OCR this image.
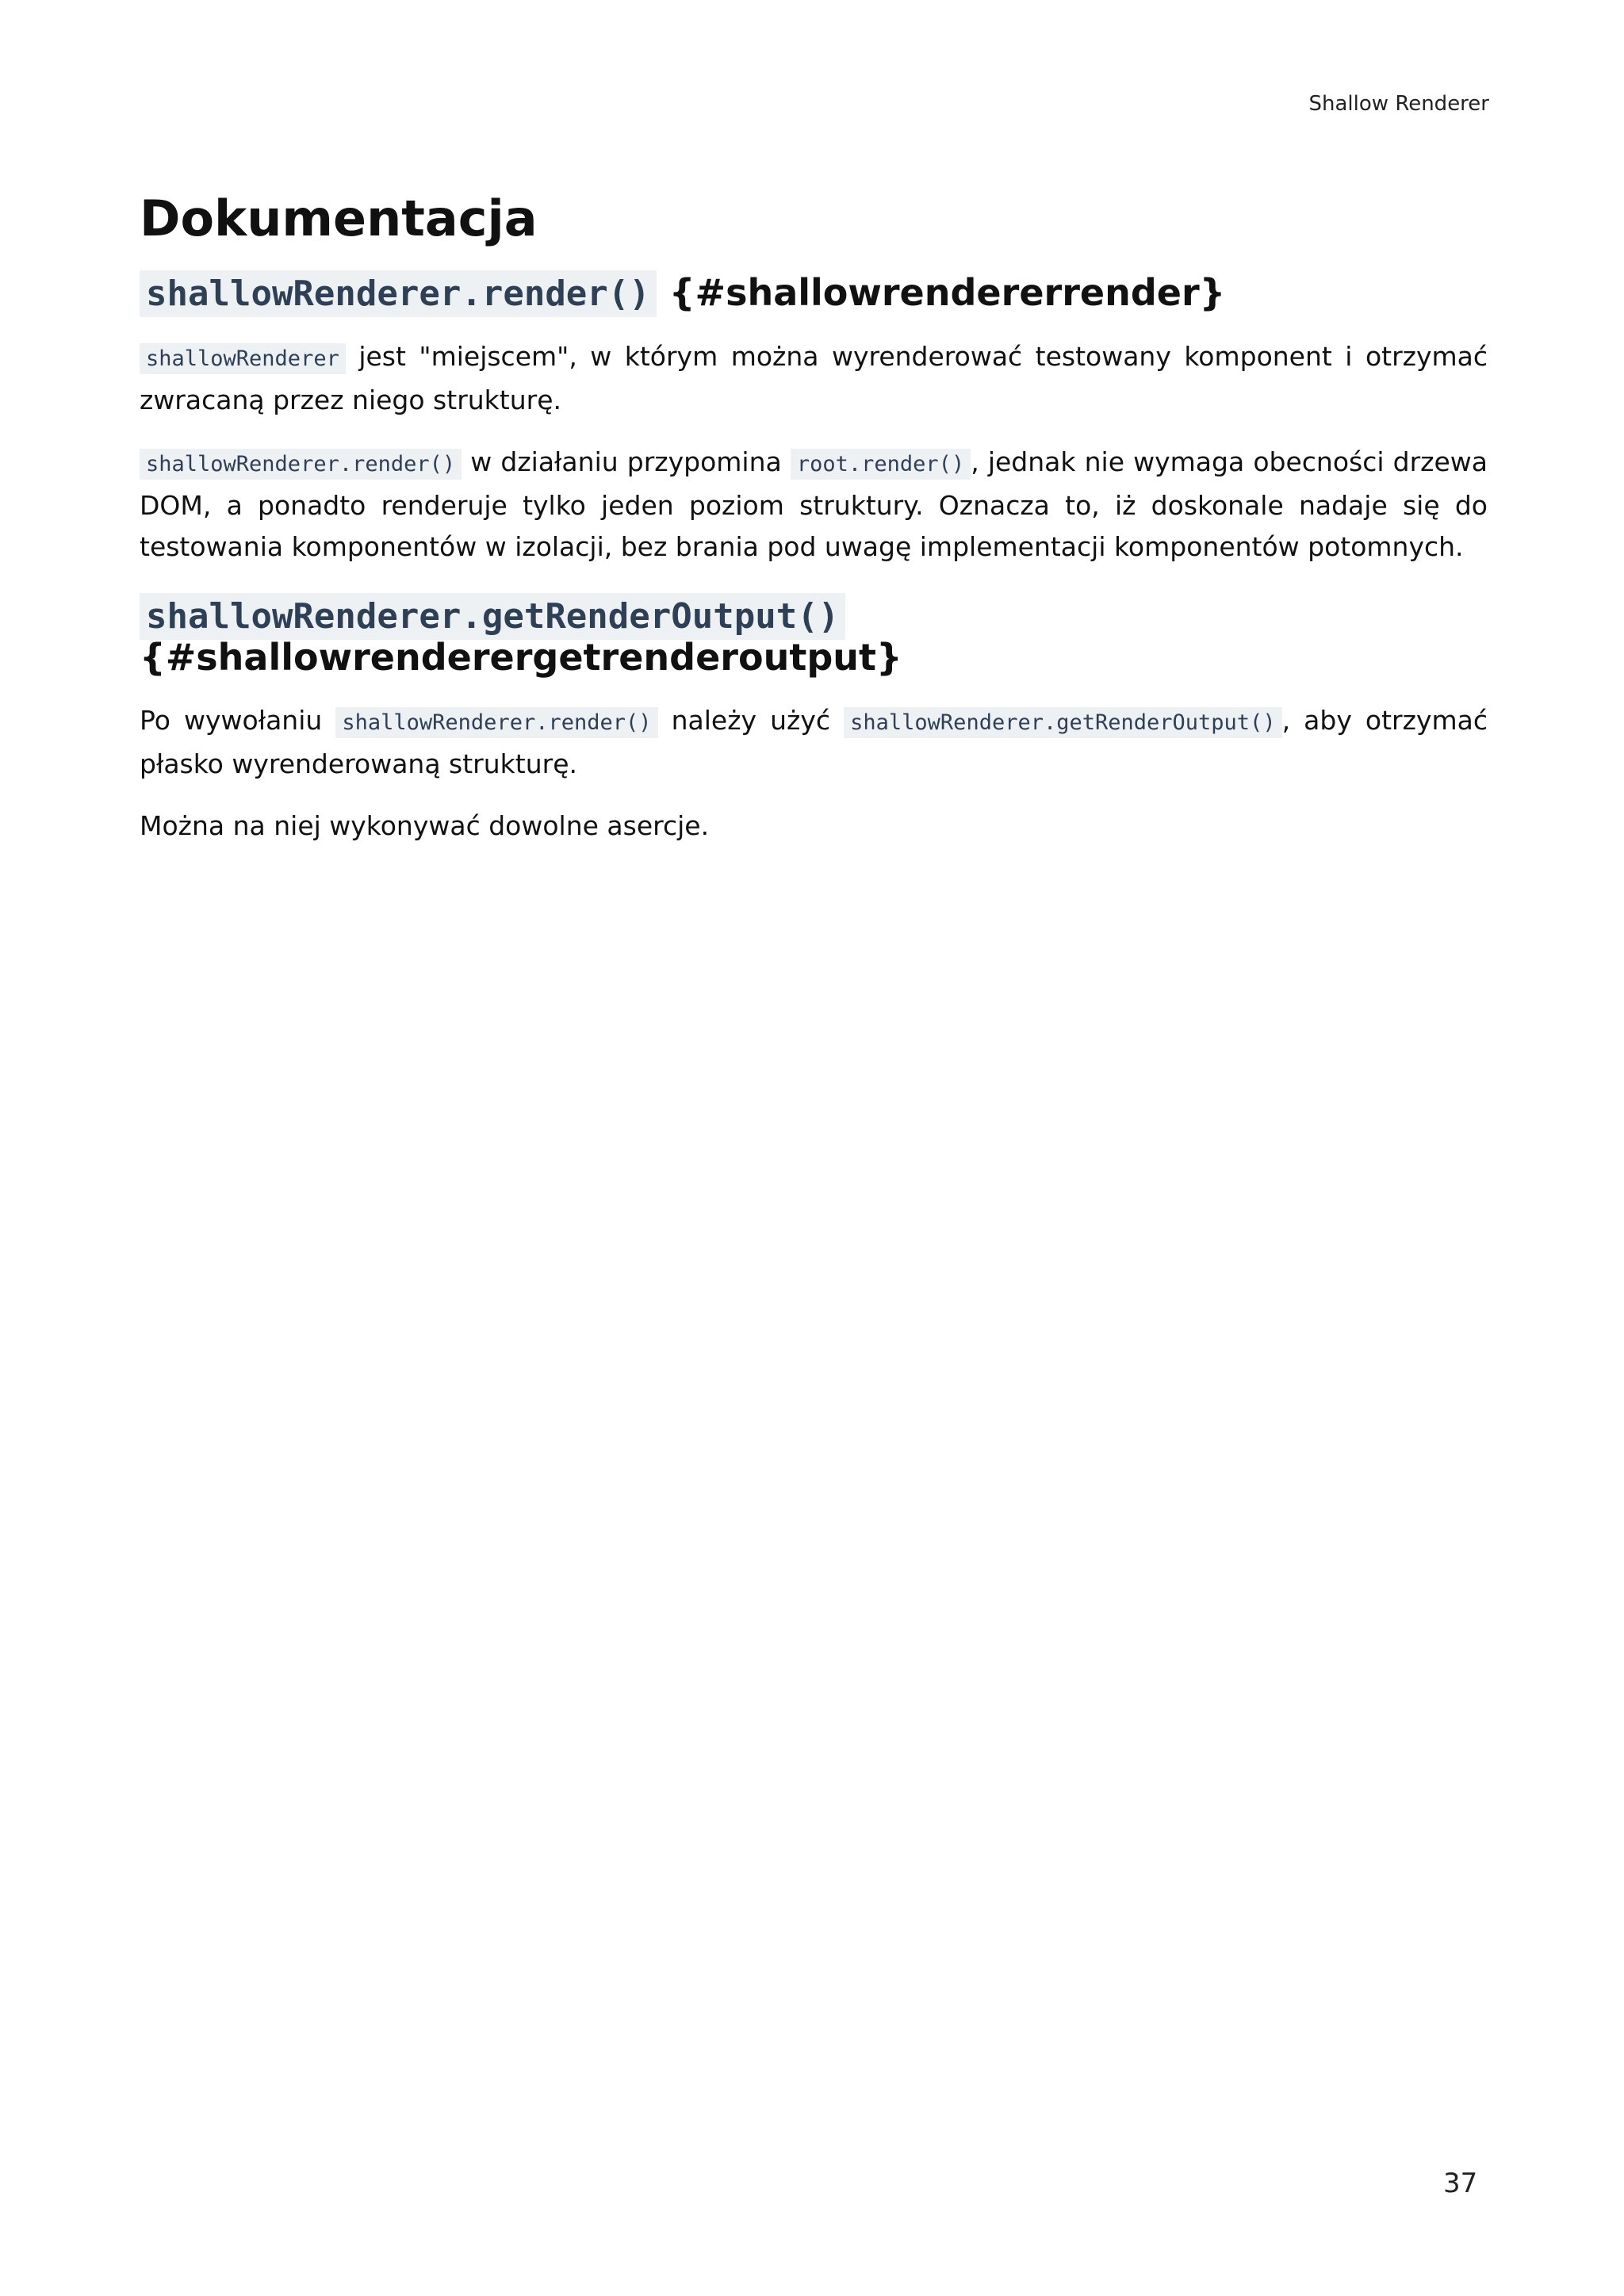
Shallow Renderer
Dokumentacja
shallowRenderer.render() {#shallowrendererrender}

shallowRenderer jest "miejscem", w którym można wyrenderować testowany komponent i otrzymać zwracaną przez niego strukturę.

shallowRenderer.render() w działaniu przypomina root.render() , jednak nie wymaga obecności drzewa DOM, a ponadto renderuje tylko jeden poziom struktury. Oznacza to, iż doskonale nadaje się do testowania komponentów w izolacji, bez brania pod uwagę implementacji komponentów potomnych.

shallowRenderer.getRenderOutput()
{#shallowrenderergetrenderoutput}

Po wywołaniu shallowRenderer.render() należy użyć shallowRenderer.getRenderOutput() , aby otrzymać płasko wyrenderowaną strukturę.

Można na niej wykonywać dowolne asercje.

37
